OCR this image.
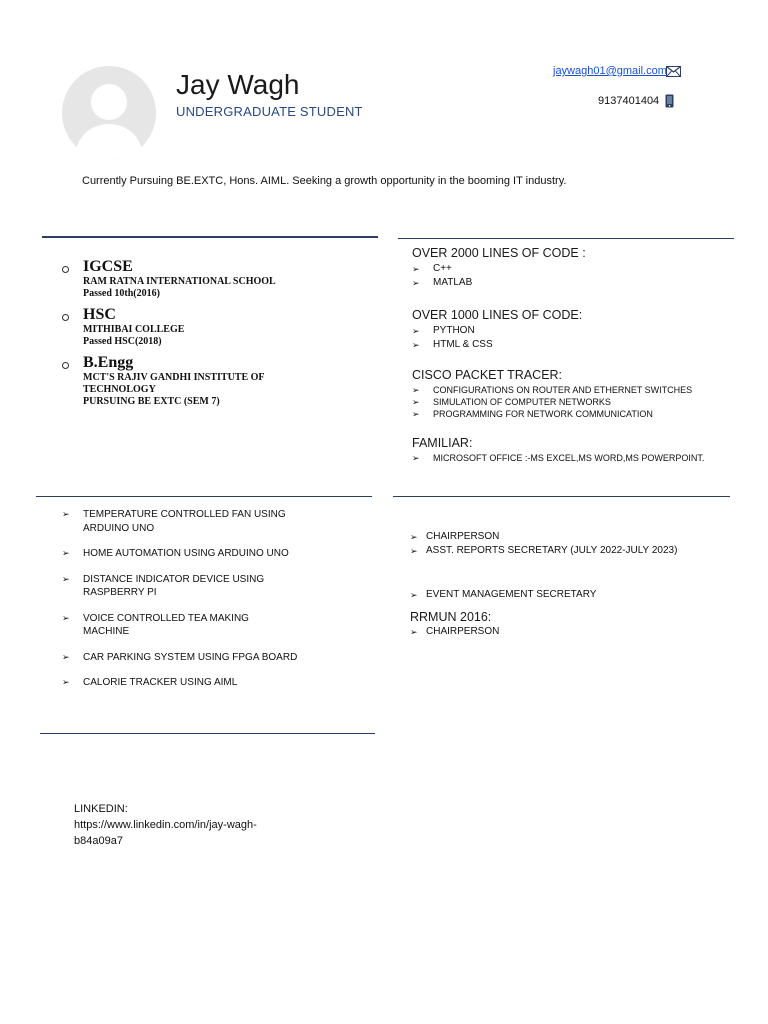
Jay Wagh
UNDERGRADUATE STUDENT
jaywagh01@gmail.com
9137401404
Currently Pursuing BE.EXTC, Hons. AIML. Seeking a growth opportunity in the booming IT industry.
IGCSE
RAM RATNA INTERNATIONAL SCHOOL
Passed 10th(2016)
HSC
MITHIBAI COLLEGE
Passed HSC(2018)
B.Engg
MCT'S RAJIV GANDHI INSTITUTE OF
TECHNOLOGY
PURSUING BE EXTC (SEM 7)
OVER 2000 LINES OF CODE :
➢ C++
➢ MATLAB
OVER 1000 LINES OF CODE:
➢ PYTHON
➢ HTML & CSS
CISCO PACKET TRACER:
➢ CONFIGURATIONS ON ROUTER AND ETHERNET SWITCHES
➢ SIMULATION OF COMPUTER NETWORKS
➢ PROGRAMMING FOR NETWORK COMMUNICATION
FAMILIAR:
➢ MICROSOFT OFFICE :-MS EXCEL,MS WORD,MS POWERPOINT.
➢ TEMPERATURE CONTROLLED FAN USING
ARDUINO UNO
➢ HOME AUTOMATION USING ARDUINO UNO
➢ DISTANCE INDICATOR DEVICE USING
RASPBERRY PI
➢ VOICE CONTROLLED TEA MAKING
MACHINE
➢ CAR PARKING SYSTEM USING FPGA BOARD
➢ CALORIE TRACKER USING AIML
➢ CHAIRPERSON
➢ ASST. REPORTS SECRETARY (JULY 2022-JULY 2023)
➢ EVENT MANAGEMENT SECRETARY
RRMUN 2016:
➢ CHAIRPERSON
LINKEDIN:
https://www.linkedin.com/in/jay-wagh-
b84a09a7
